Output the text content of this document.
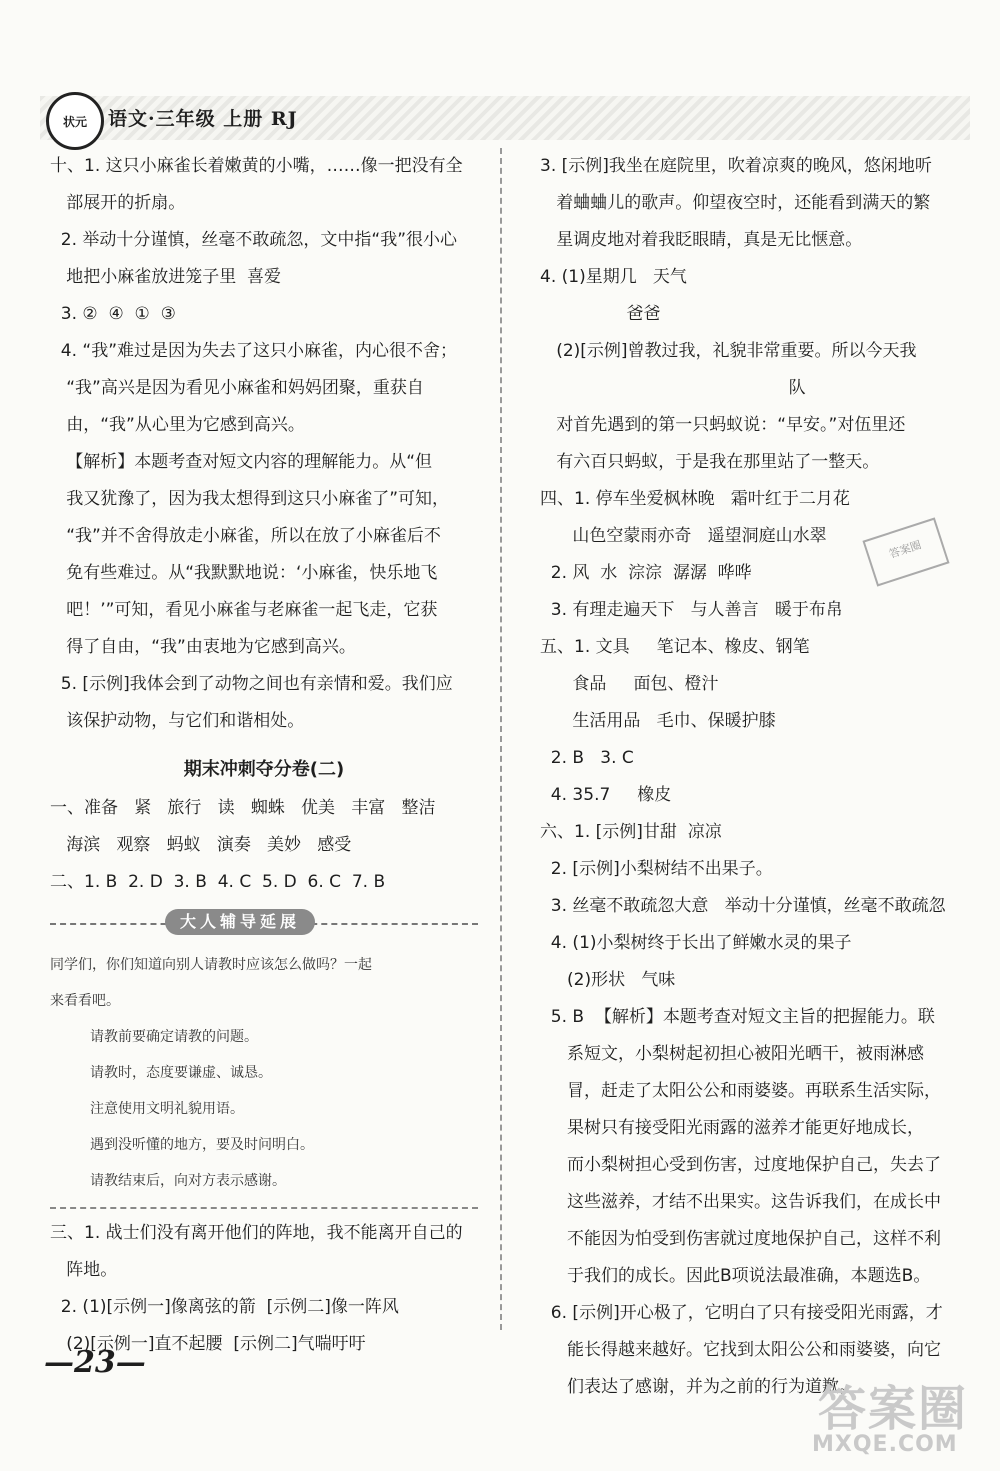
状元 语文·三年级 上册 RJ
十、1. 这只小麻雀长着嫩黄的小嘴，……像一把没有全
部展开的折扇。
2. 举动十分谨慎，丝毫不敢疏忽，文中指“我”很小心
地把小麻雀放进笼子里  喜爱
3. ②  ④  ①  ③
4. “我”难过是因为失去了这只小麻雀，内心很不舍；
“我”高兴是因为看见小麻雀和妈妈团聚，重获自
由，“我”从心里为它感到高兴。
【解析】本题考查对短文内容的理解能力。从“但
我又犹豫了，因为我太想得到这只小麻雀了”可知，
“我”并不舍得放走小麻雀，所以在放了小麻雀后不
免有些难过。从“我默默地说：‘小麻雀，快乐地飞
吧！’”可知，看见小麻雀与老麻雀一起飞走，它获
得了自由，“我”由衷地为它感到高兴。
5. [示例]我体会到了动物之间也有亲情和爱。我们应
该保护动物，与它们和谐相处。
期末冲刺夺分卷(二)
一、准备   紧   旅行   读   蜘蛛   优美   丰富   整洁
海滨   观察   蚂蚁   演奏   美妙   感受
二、1. B  2. D  3. B  4. C  5. D  6. C  7. B
大人辅导延展
同学们，你们知道向别人请教时应该怎么做吗？一起
来看看吧。
请教前要确定请教的问题。
请教时，态度要谦虚、诚恳。
注意使用文明礼貌用语。
遇到没听懂的地方，要及时问明白。
请教结束后，向对方表示感谢。
三、1. 战士们没有离开他们的阵地，我不能离开自己的
阵地。
2. (1)[示例一]像离弦的箭  [示例二]像一阵风
(2)[示例一]直不起腰  [示例二]气喘吁吁
3. [示例]我坐在庭院里，吹着凉爽的晚风，悠闲地听
着蛐蛐儿的歌声。仰望夜空时，还能看到满天的繁
星调皮地对着我眨眼睛，真是无比惬意。
4. (1)星期几   天气
爸爸
(2)[示例]曾教过我，礼貌非常重要。所以今天我
队
对首先遇到的第一只蚂蚁说：“早安。”对伍里还
有六百只蚂蚁，于是我在那里站了一整天。
四、1. 停车坐爱枫林晚   霜叶红于二月花
山色空蒙雨亦奇   遥望洞庭山水翠
2. 风  水  淙淙  潺潺  哗哗
3. 有理走遍天下   与人善言   暖于布帛
五、1. 文具     笔记本、橡皮、钢笔
食品     面包、橙汁
生活用品   毛巾、保暖护膝
2. B   3. C
4. 35.7     橡皮
六、1. [示例]甘甜  凉凉
2. [示例]小梨树结不出果子。
3. 丝毫不敢疏忽大意   举动十分谨慎，丝毫不敢疏忽
4. (1)小梨树终于长出了鲜嫩水灵的果子
(2)形状   气味
5. B  【解析】本题考查对短文主旨的把握能力。联
系短文，小梨树起初担心被阳光晒干，被雨淋感
冒，赶走了太阳公公和雨婆婆。再联系生活实际，
果树只有接受阳光雨露的滋养才能更好地成长，
而小梨树担心受到伤害，过度地保护自己，失去了
这些滋养，才结不出果实。这告诉我们，在成长中
不能因为怕受到伤害就过度地保护自己，这样不利
于我们的成长。因此B项说法最准确，本题选B。
6. [示例]开心极了，它明白了只有接受阳光雨露，才
能长得越来越好。它找到太阳公公和雨婆婆，向它
们表达了感谢，并为之前的行为道歉。
—23—
答案圈
答案圈
MXQE.COM
